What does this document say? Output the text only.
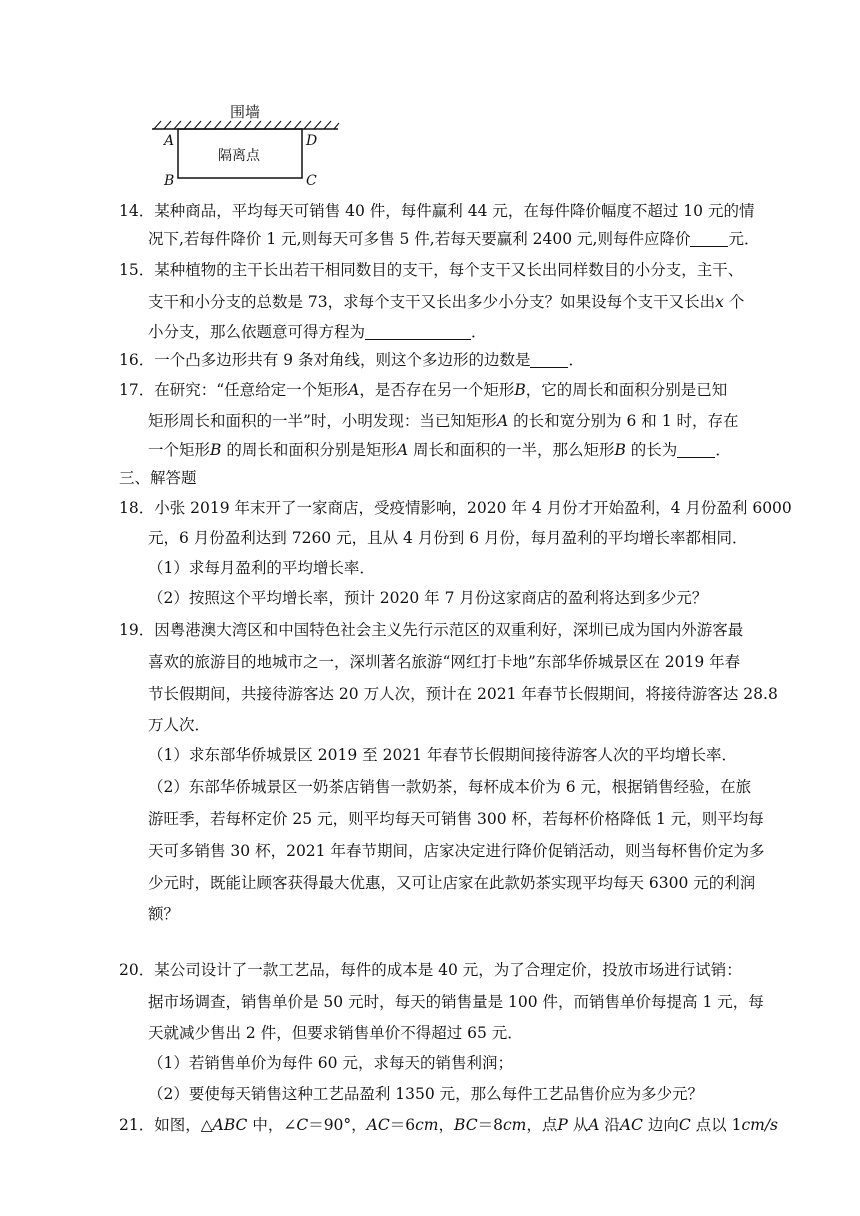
围墙
隔离点
A
B	C
D
14．某种商品，平均每天可销售 40 件，每件赢利 44 元，在每件降价幅度不超过 10 元的情
况下,若每件降价 1 元,则每天可多售 5 件,若每天要赢利 2400 元,则每件应降价 元．
15．某种植物的主干长出若干相同数目的支干，每个支干又长出同样数目的小分支，主干、
支干和小分支的总数是 73，求每个支干又长出多少小分支？如果设每个支干又长出x 个
小分支，那么依题意可得方程为	．
16．一个凸多边形共有 9 条对角线，则这个多边形的边数是 ．
17．在研究：“任意给定一个矩形A，是否存在另一个矩形B，它的周长和面积分别是已知
矩形周长和面积的一半”时，小明发现：当已知矩形A 的长和宽分别为 6 和 1 时，存在
一个矩形B 的周长和面积分别是矩形A 周长和面积的一半，那么矩形B 的长为 ．
三、解答题
18．小张 2019 年末开了一家商店，受疫情影响，2020 年 4 月份才开始盈利，4 月份盈利 6000
元，6 月份盈利达到 7260 元，且从 4 月份到 6 月份，每月盈利的平均增长率都相同．
（1）求每月盈利的平均增长率．
（2）按照这个平均增长率，预计 2020 年 7 月份这家商店的盈利将达到多少元？
19．因粤港澳大湾区和中国特色社会主义先行示范区的双重利好，深圳已成为国内外游客最
喜欢的旅游目的地城市之一，深圳著名旅游“网红打卡地”东部华侨城景区在 2019 年春
节长假期间，共接待游客达 20 万人次，预计在 2021 年春节长假期间，将接待游客达 28.8
万人次．
（1）求东部华侨城景区 2019 至 2021 年春节长假期间接待游客人次的平均增长率．
（2）东部华侨城景区一奶茶店销售一款奶茶，每杯成本价为 6 元，根据销售经验，在旅
游旺季，若每杯定价 25 元，则平均每天可销售 300 杯，若每杯价格降低 1 元，则平均每
天可多销售 30 杯，2021 年春节期间，店家决定进行降价促销活动，则当每杯售价定为多
少元时，既能让顾客获得最大优惠，又可让店家在此款奶茶实现平均每天 6300 元的利润
额？
20．某公司设计了一款工艺品，每件的成本是 40 元，为了合理定价，投放市场进行试销：
据市场调查，销售单价是 50 元时，每天的销售量是 100 件，而销售单价每提高 1 元，每
天就减少售出 2 件，但要求销售单价不得超过 65 元．
（1）若销售单价为每件 60 元，求每天的销售利润；
（2）要使每天销售这种工艺品盈利 1350 元，那么每件工艺品售价应为多少元？
21．如图，△ABC 中，∠C＝90°，AC＝6cm，BC＝8cm，点P 从A 沿AC 边向C 点以 1cm/s
